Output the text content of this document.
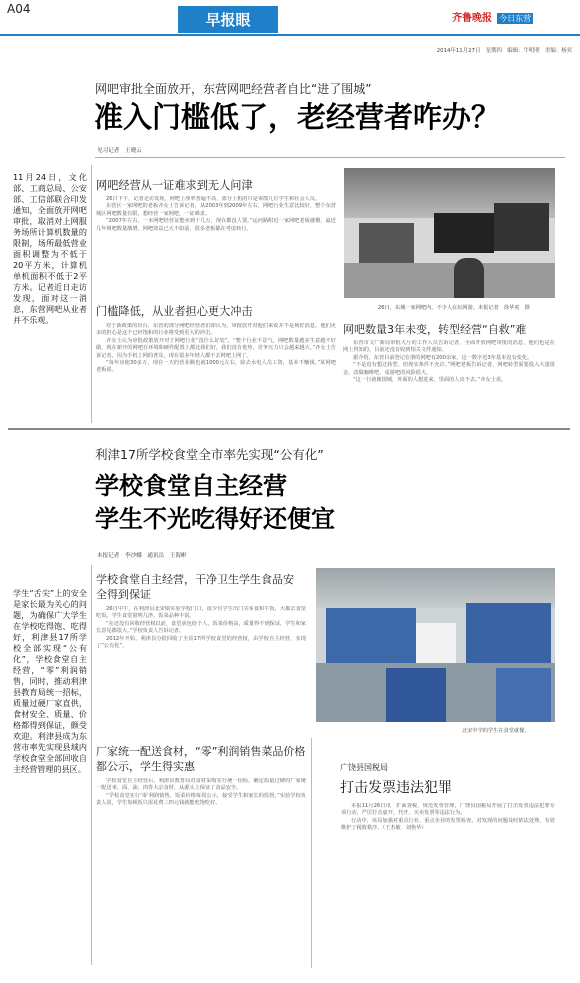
A04
早报眼	齐鲁晚报 今日东营
2014年11月27日　星期四　编辑：牛明明　美编：杨宾
网吧审批全面放开，东营网吧经营者自比“进了围城”
准入门槛低了，老经营者咋办？
见习记者　王晓云
11月24日，文化部、工商总局、公安部、工信部联合印发通知，全面放开网吧审批，取消对上网服务场所计算机数量的限制，场所最低营业面积调整为不低于20平方米，计算机单机面积不低于2平方米。记者近日走访发现，面对这一消息，东营网吧从业者并不乐观。
网吧经营从一证难求到无人问津

26日下午，记者走访发现，网吧上座率普遍不高，部分上机的只是零散几位学生和社会人员。

东营区一家网吧的老板齐女士告诉记者，从2003年到2009年左右，网吧行业生意比较好，整个东营城区网吧数量有限，想经营一家网吧，一证难求。

“2007年左右，一本网吧经营证能卖到十几万，现在都没人要。”运河路附近一家网吧老板感慨，最近几年网吧数量激增，网吧效益已大不如前，很多老板都在考虑转行。

门槛降低，从业者担心更大冲击

对于新政策的出台，东营的部分网吧经营者们却认为，审批放开对他们来说并不是利好消息，他们更多的担心是这个已经饱和的行业将受到更大的冲击。

齐女士认为审批政策放开对于网吧行业“没什么好处”，“整个行业不景气，网吧数量越多生意越不好做，现在新开的网吧在环境和硬件配置上都比我们好，我们没有优势，竞争压力只会越来越大。”齐女士告诉记者，因为手机上网的普及，现在很多年轻人都不去网吧上网了。

“每年房租30多万，现在一天的营业额也就1000元左右，除去水电人员工资，基本不赚钱。”某网吧老板说。

26日，东城一家网吧内，不少人在玩网游。本报记者　徐华虎　摄
网吧数量3年未变，转型经营“自救”难

东营市文广新局审批大厅的工作人员告诉记者，全面开放网吧审批的消息，他们也是在网上得知的，目前还没有收到相关文件通知。

据介绍，东营目前登记在册的网吧有200余家，这一数字近3年基本没有变化。

“不是没有想过转型，但现实条件不允许。”网吧老板告诉记者，网吧转型需要投入大量资金，改做咖啡吧、桌游吧的风险很大。

“这一行就像围城，外面的人想进来，里面的人出不去。”齐女士说。

利津17所学校食堂全市率先实现“公有化”
学校食堂自主经营
学生不光吃得好还便宜
本报记者　李沙娜　通讯员　王海彬
学生“舌尖”上的安全是家长最为关心的问题，为确保广大学生在学校吃得饱、吃得好，利津县17所学校全部实现“公有化”，学校食堂自主经营，“零”利润销售，同时，推动利津县教育局统一招标，质量过硬厂家直供，食材安全、质量、价格都得到保证，颇受欢迎。利津县成为东营市率先实现县域内学校食堂全部回收自主经营管理的县区。
学校食堂自主经营，干净卫生学生食品安全得到保证

26日中午，在利津县北宋镇实验学校门口，很少有学生出门买零食和午饭，大都去食堂吃饭。学生食堂窗明几净，饭菜品种丰富。

“在还没有回收经营权以前，食堂承包给个人，饭菜价格高，质量得不到保证，学生和家长意见都很大。”学校负责人告诉记者。

2012年开始，利津县分批回收了全县17所学校食堂的经营权，由学校自主经营，实现了“公有化”。

厂家统一配送食材，“零”利润销售菜品价格都公示，学生得实惠

学校食堂自主经营后，利津县教育局对食材采购实行统一招标，确定质量过硬的厂家统一配送米、面、油、肉等大宗食材，从源头上保证了食品安全。

“学校食堂实行‘零’利润销售，饭菜价格每周公示，接受学生和家长的监督。”实验学校负责人说，学生每顿饭只需花费三四元钱就能吃饱吃好。

北宋中学的学生在食堂就餐。
广饶县国税局
打击发票违法犯罪

本报11月26日讯　扩面查税、规范发票管理，广饶县国税局开展了打击发票违法犯罪专项行动，严厉打击虚开、代开、买卖发票等违法行为。

行动中，该局加强对重点行业、重点企业的发票检查，对发现的问题及时依法处理，有效维护了税收秩序。（王杰敏　刘艳华）
